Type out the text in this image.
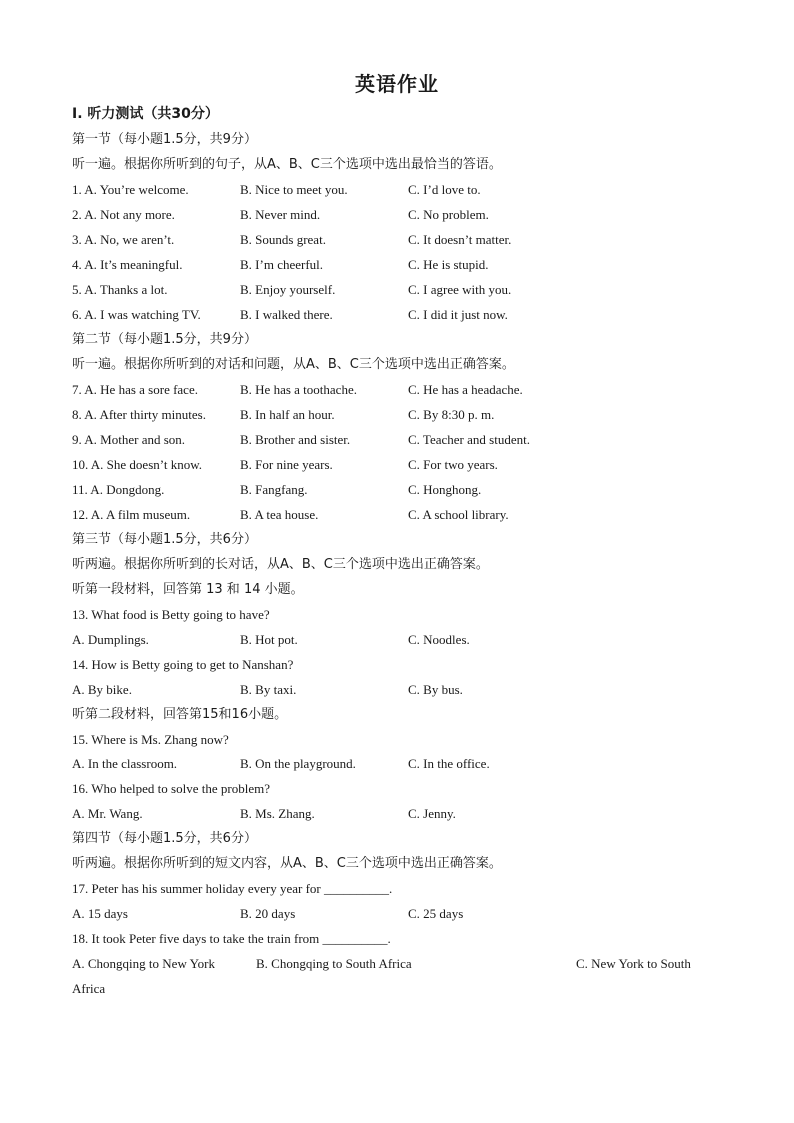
英语作业
Ⅰ. 听力测试（共30分）
第一节（每小题1.5分，共9分）
听一遍。根据你所听到的句子，从A、B、C三个选项中选出最恰当的答语。
1. A. You’re welcome.	B. Nice to meet you.	C. I’d love to.
2. A. Not any more.	B. Never mind.	C. No problem.
3. A. No, we aren’t.	B. Sounds great.	C. It doesn’t matter.
4. A. It’s meaningful.	B. I’m cheerful.	C. He is stupid.
5. A. Thanks a lot.	B. Enjoy yourself.	C. I agree with you.
6. A. I was watching TV.	B. I walked there.	C. I did it just now.
第二节（每小题1.5分，共9分）
听一遍。根据你所听到的对话和问题，从A、B、C三个选项中选出正确答案。
7. A. He has a sore face.	B. He has a toothache.	C. He has a headache.
8. A. After thirty minutes.	B. In half an hour.	C. By 8:30 p. m.
9. A. Mother and son.	B. Brother and sister.	C. Teacher and student.
10. A. She doesn’t know.	B. For nine years.	C. For two years.
11. A. Dongdong.	B. Fangfang.	C. Honghong.
12. A. A film museum.	B. A tea house.	C. A school library.
第三节（每小题1.5分，共6分）
听两遍。根据你所听到的长对话，从A、B、C三个选项中选出正确答案。
听第一段材料，回答第 13 和 14 小题。
13. What food is Betty going to have?
A. Dumplings.	B. Hot pot.	C. Noodles.
14. How is Betty going to get to Nanshan?
A. By bike.	B. By taxi.	C. By bus.
听第二段材料，回答第15和16小题。
15. Where is Ms. Zhang now?
A. In the classroom.	B. On the playground.	C. In the office.
16. Who helped to solve the problem?
A. Mr. Wang.	B. Ms. Zhang.	C. Jenny.
第四节（每小题1.5分，共6分）
听两遍。根据你所听到的短文内容，从A、B、C三个选项中选出正确答案。
17. Peter has his summer holiday every year for __________.
A. 15 days	B. 20 days	C. 25 days
18. It took Peter five days to take the train from __________.
A. Chongqing to New York	B. Chongqing to South Africa	C. New York to South
Africa
